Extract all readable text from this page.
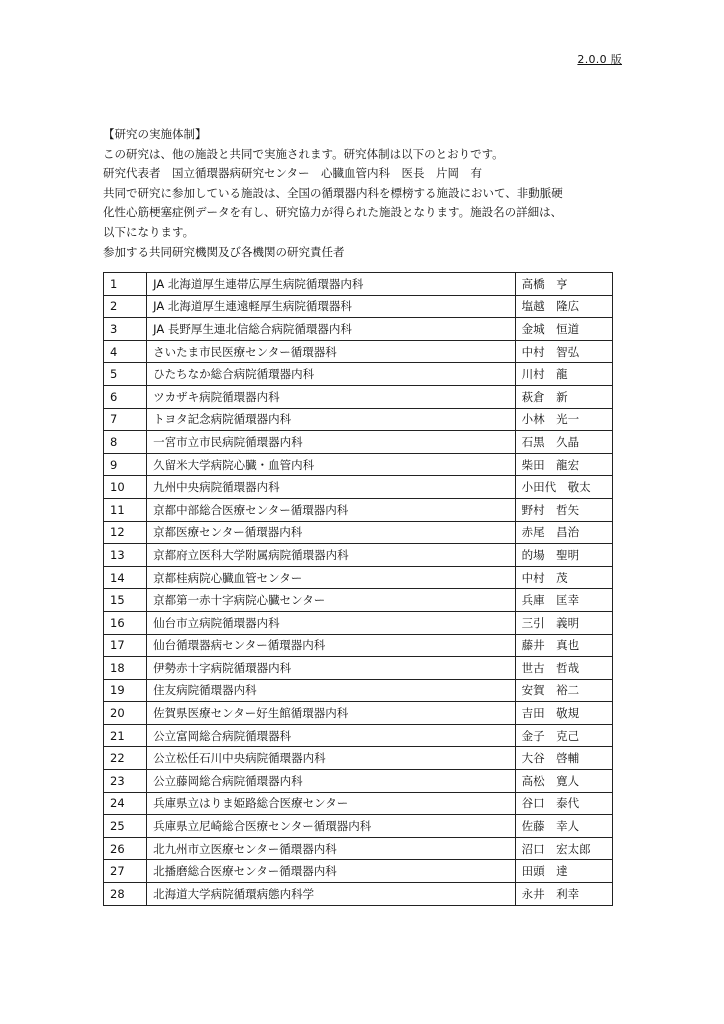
2.0.0 版

【研究の実施体制】

この研究は、他の施設と共同で実施されます。研究体制は以下のとおりです。

研究代表者　国立循環器病研究センター　心臓血管内科　医長　片岡　有

共同で研究に参加している施設は、全国の循環器内科を標榜する施設において、非動脈硬

化性心筋梗塞症例データを有し、研究協力が得られた施設となります。施設名の詳細は、

以下になります。

参加する共同研究機関及び各機関の研究責任者

1	JA 北海道厚生連帯広厚生病院循環器内科	高橋　亨
2	JA 北海道厚生連遠軽厚生病院循環器科	塩越　隆広
3	JA 長野厚生連北信総合病院循環器内科	金城　恒道
4	さいたま市民医療センター循環器科	中村　智弘
5	ひたちなか総合病院循環器内科	川村　龍
6	ツカザキ病院循環器内科	萩倉　新
7	トヨタ記念病院循環器内科	小林　光一
8	一宮市立市民病院循環器内科	石黒　久晶
9	久留米大学病院心臓・血管内科	柴田　龍宏
10	九州中央病院循環器内科	小田代　敬太
11	京都中部総合医療センター循環器内科	野村　哲矢
12	京都医療センター循環器内科	赤尾　昌治
13	京都府立医科大学附属病院循環器内科	的場　聖明
14	京都桂病院心臓血管センター	中村　茂
15	京都第一赤十字病院心臓センター	兵庫　匡幸
16	仙台市立病院循環器内科	三引　義明
17	仙台循環器病センター循環器内科	藤井　真也
18	伊勢赤十字病院循環器内科	世古　哲哉
19	住友病院循環器内科	安賀　裕二
20	佐賀県医療センター好生館循環器内科	吉田　敬規
21	公立富岡総合病院循環器科	金子　克己
22	公立松任石川中央病院循環器内科	大谷　啓輔
23	公立藤岡総合病院循環器内科	高松　寛人
24	兵庫県立はりま姫路総合医療センター	谷口　泰代
25	兵庫県立尼崎総合医療センター循環器内科	佐藤　幸人
26	北九州市立医療センター循環器内科	沼口　宏太郎
27	北播磨総合医療センター循環器内科	田頭　達
28	北海道大学病院循環病態内科学	永井　利幸
